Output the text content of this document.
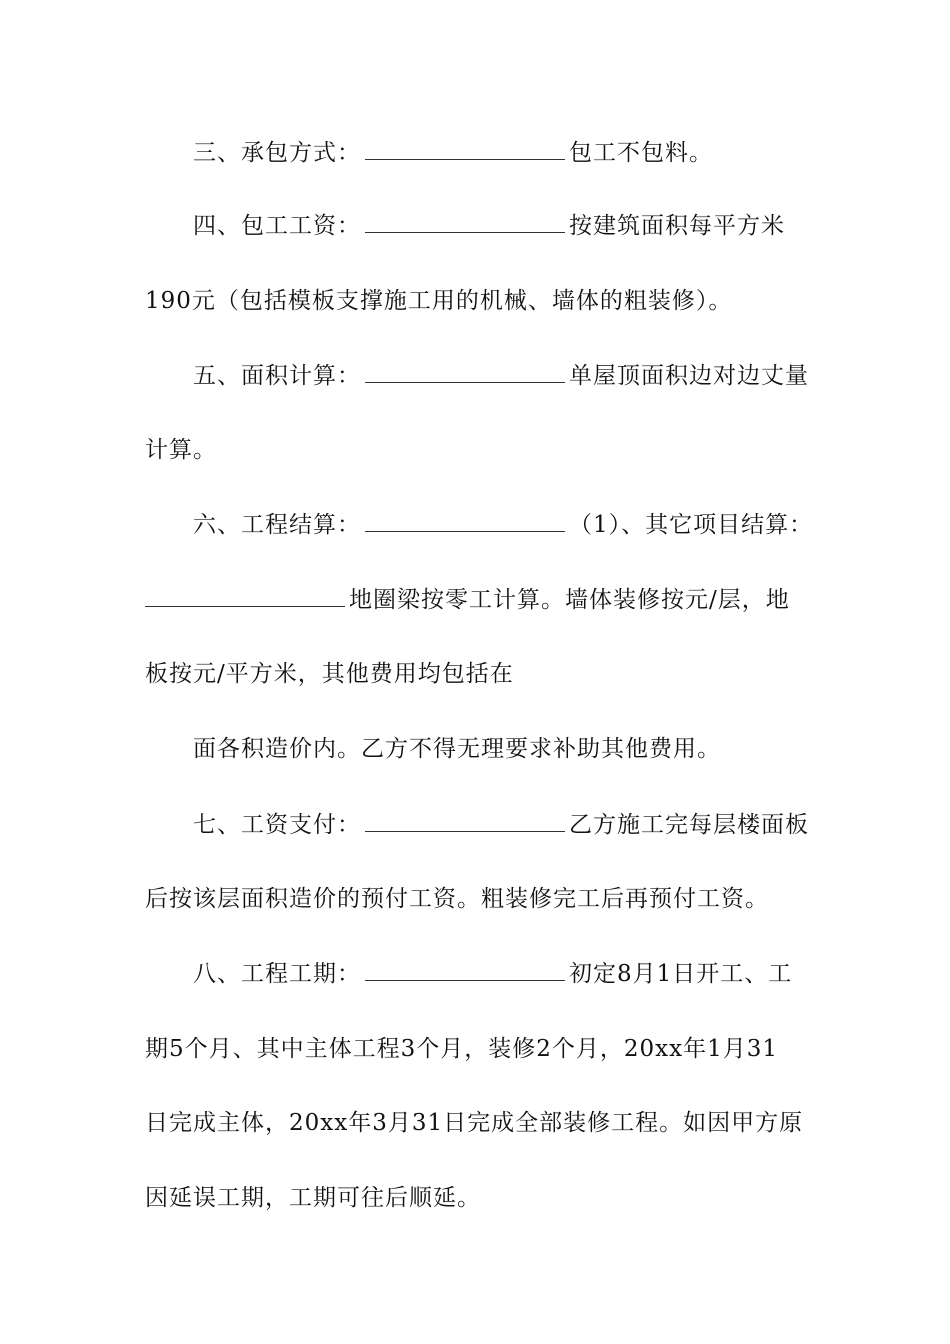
三、承包方式：	包工不包料。
四、包工工资：	按建筑面积每平方米
190元（包括模板支撑施工用的机械、墙体的粗装修）。
五、面积计算：	单屋顶面积边对边丈量
计算。
六、工程结算：	（1）、其它项目结算：
地圈梁按零工计算。墙体装修按元/层，地
板按元/平方米，其他费用均包括在
面各积造价内。乙方不得无理要求补助其他费用。
七、工资支付：	乙方施工完每层楼面板
后按该层面积造价的预付工资。粗装修完工后再预付工资。
八、工程工期：	初定8月1日开工、工
期5个月、其中主体工程3个月，装修2个月，20xx年1月31
日完成主体，20xx年3月31日完成全部装修工程。如因甲方原
因延误工期，工期可往后顺延。
